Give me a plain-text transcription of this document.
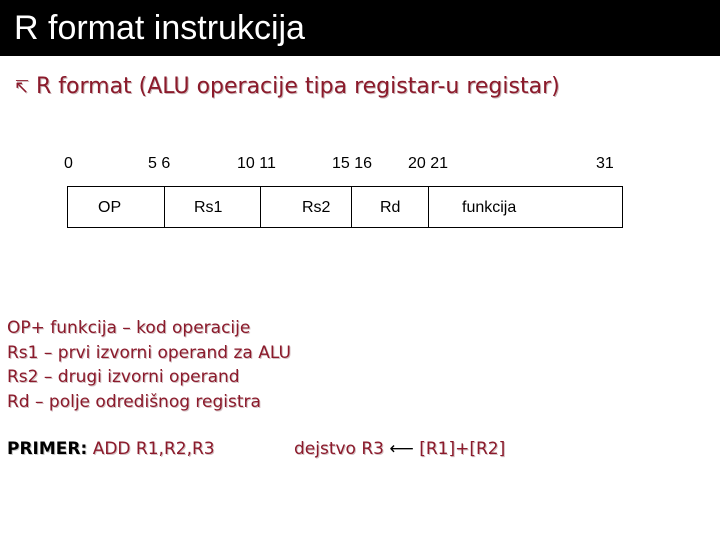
R format instrukcija
↸ R format (ALU operacije tipa registar-u registar)
0	5 6	10 11	15 16 20 21	31
OP	Rs1	Rs2	Rd	funkcija
OP+ funkcija – kod operacije
Rs1 – prvi izvorni operand za ALU
Rs2 – drugi izvorni operand
Rd – polje odredišnog registra
PRIMER: ADD R1,R2,R3	dejstvo R3 ⟵ [R1]+[R2]
